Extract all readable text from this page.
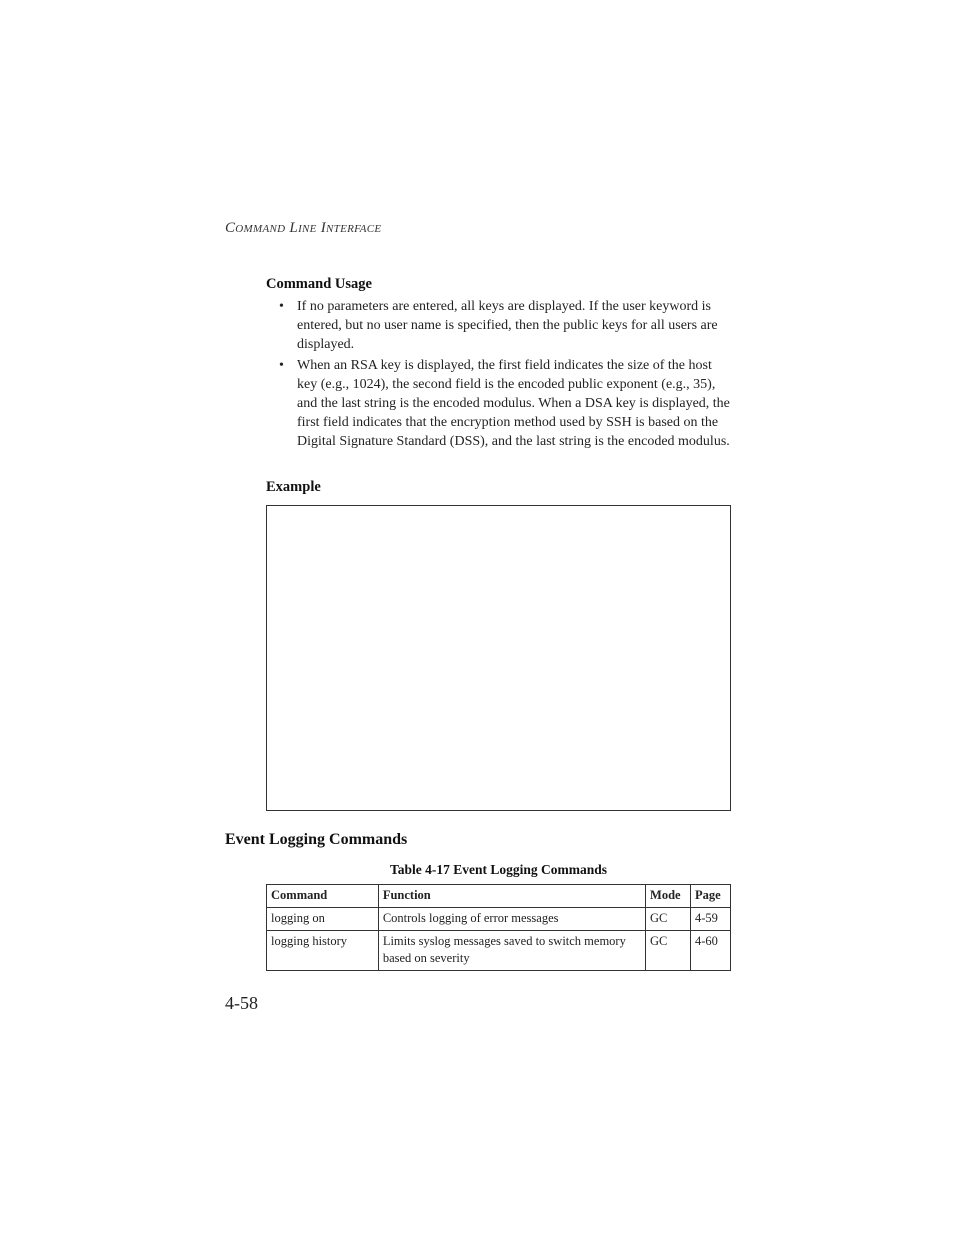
Command Line Interface
Command Usage
• If no parameters are entered, all keys are displayed. If the user keyword is entered, but no user name is specified, then the public keys for all users are displayed.
• When an RSA key is displayed, the first field indicates the size of the host key (e.g., 1024), the second field is the encoded public exponent (e.g., 35), and the last string is the encoded modulus. When a DSA key is displayed, the first field indicates that the encryption method used by SSH is based on the Digital Signature Standard (DSS), and the last string is the encoded modulus.
Example
Event Logging Commands
Table 4-17 Event Logging Commands
Command	Function	Mode	Page
logging on	Controls logging of error messages	GC	4-59
logging history	Limits syslog messages saved to switch memory based on severity	GC	4-60
4-58
